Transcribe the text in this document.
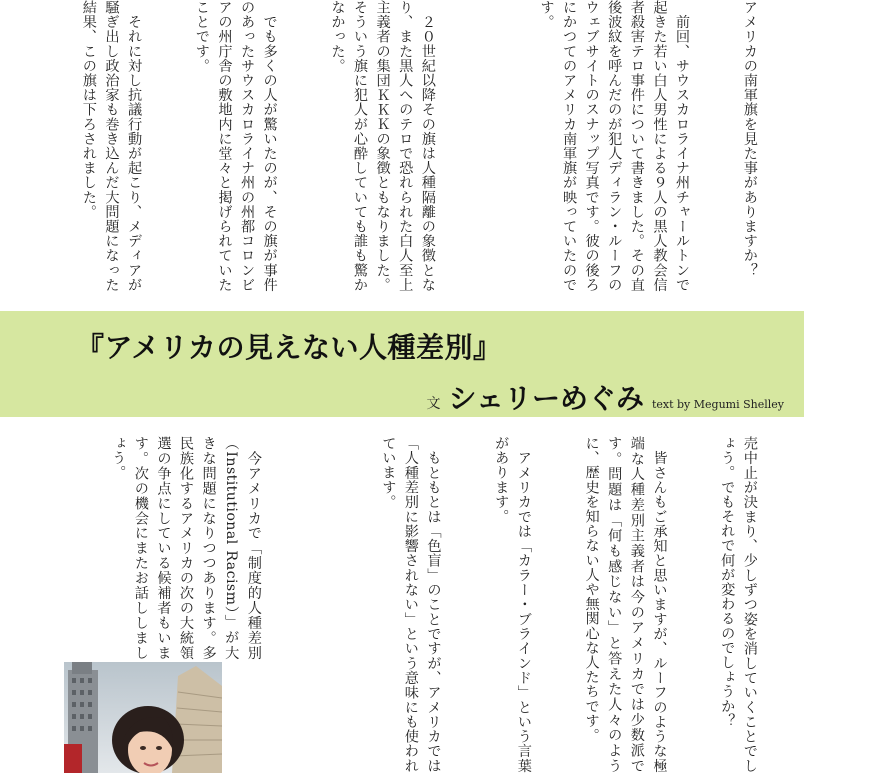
アメリカの南軍旗を見た事がありますか？

　前回、サウスカロライナ州チャールトンで起きた若い白人男性による９人の黒人教会信者殺害テロ事件について書きました。その直後波紋を呼んだのが犯人ディラン・ルーフのウェブサイトのスナップ写真です。彼の後ろにかつてのアメリカ南軍旗が映っていたのです。

　２０世紀以降その旗は人種隔離の象徴となり、また黒人へのテロで恐れられた白人至上主義者の集団ＫＫＫの象徴ともなりました。そういう旗に犯人が心酔していても誰も驚かなかった。

　でも多くの人が驚いたのが、その旗が事件のあったサウスカロライナ州の州都コロンビアの州庁舎の敷地内に堂々と掲げられていたことです。

　それに対し抗議行動が起こり、メディアが騒ぎ出し政治家も巻き込んだ大問題になった結果、この旗は下ろされました。

『アメリカの見えない人種差別』
文 シェリーめぐみ text by Megumi Shelley

売中止が決まり、少しずつ姿を消していくことでしょう。でもそれで何が変わるのでしょうか？

　皆さんもご承知と思いますが、ルーフのような極端な人種差別主義者は今のアメリカでは少数派です。問題は「何も感じない」と答えた人々のように、歴史を知らない人や無関心な人たちです。

　アメリカでは「カラー・ブラインド」という言葉があります。

　もともとは「色盲」のことですが、アメリカでは「人種差別に影響されない」という意味にも使われています。

　今アメリカで「制度的人種差別（Institutional Racism）」が大きな問題になりつつあります。多民族化するアメリカの次の大統領選の争点にしている候補者もいます。次の機会にまたお話ししましょう。
